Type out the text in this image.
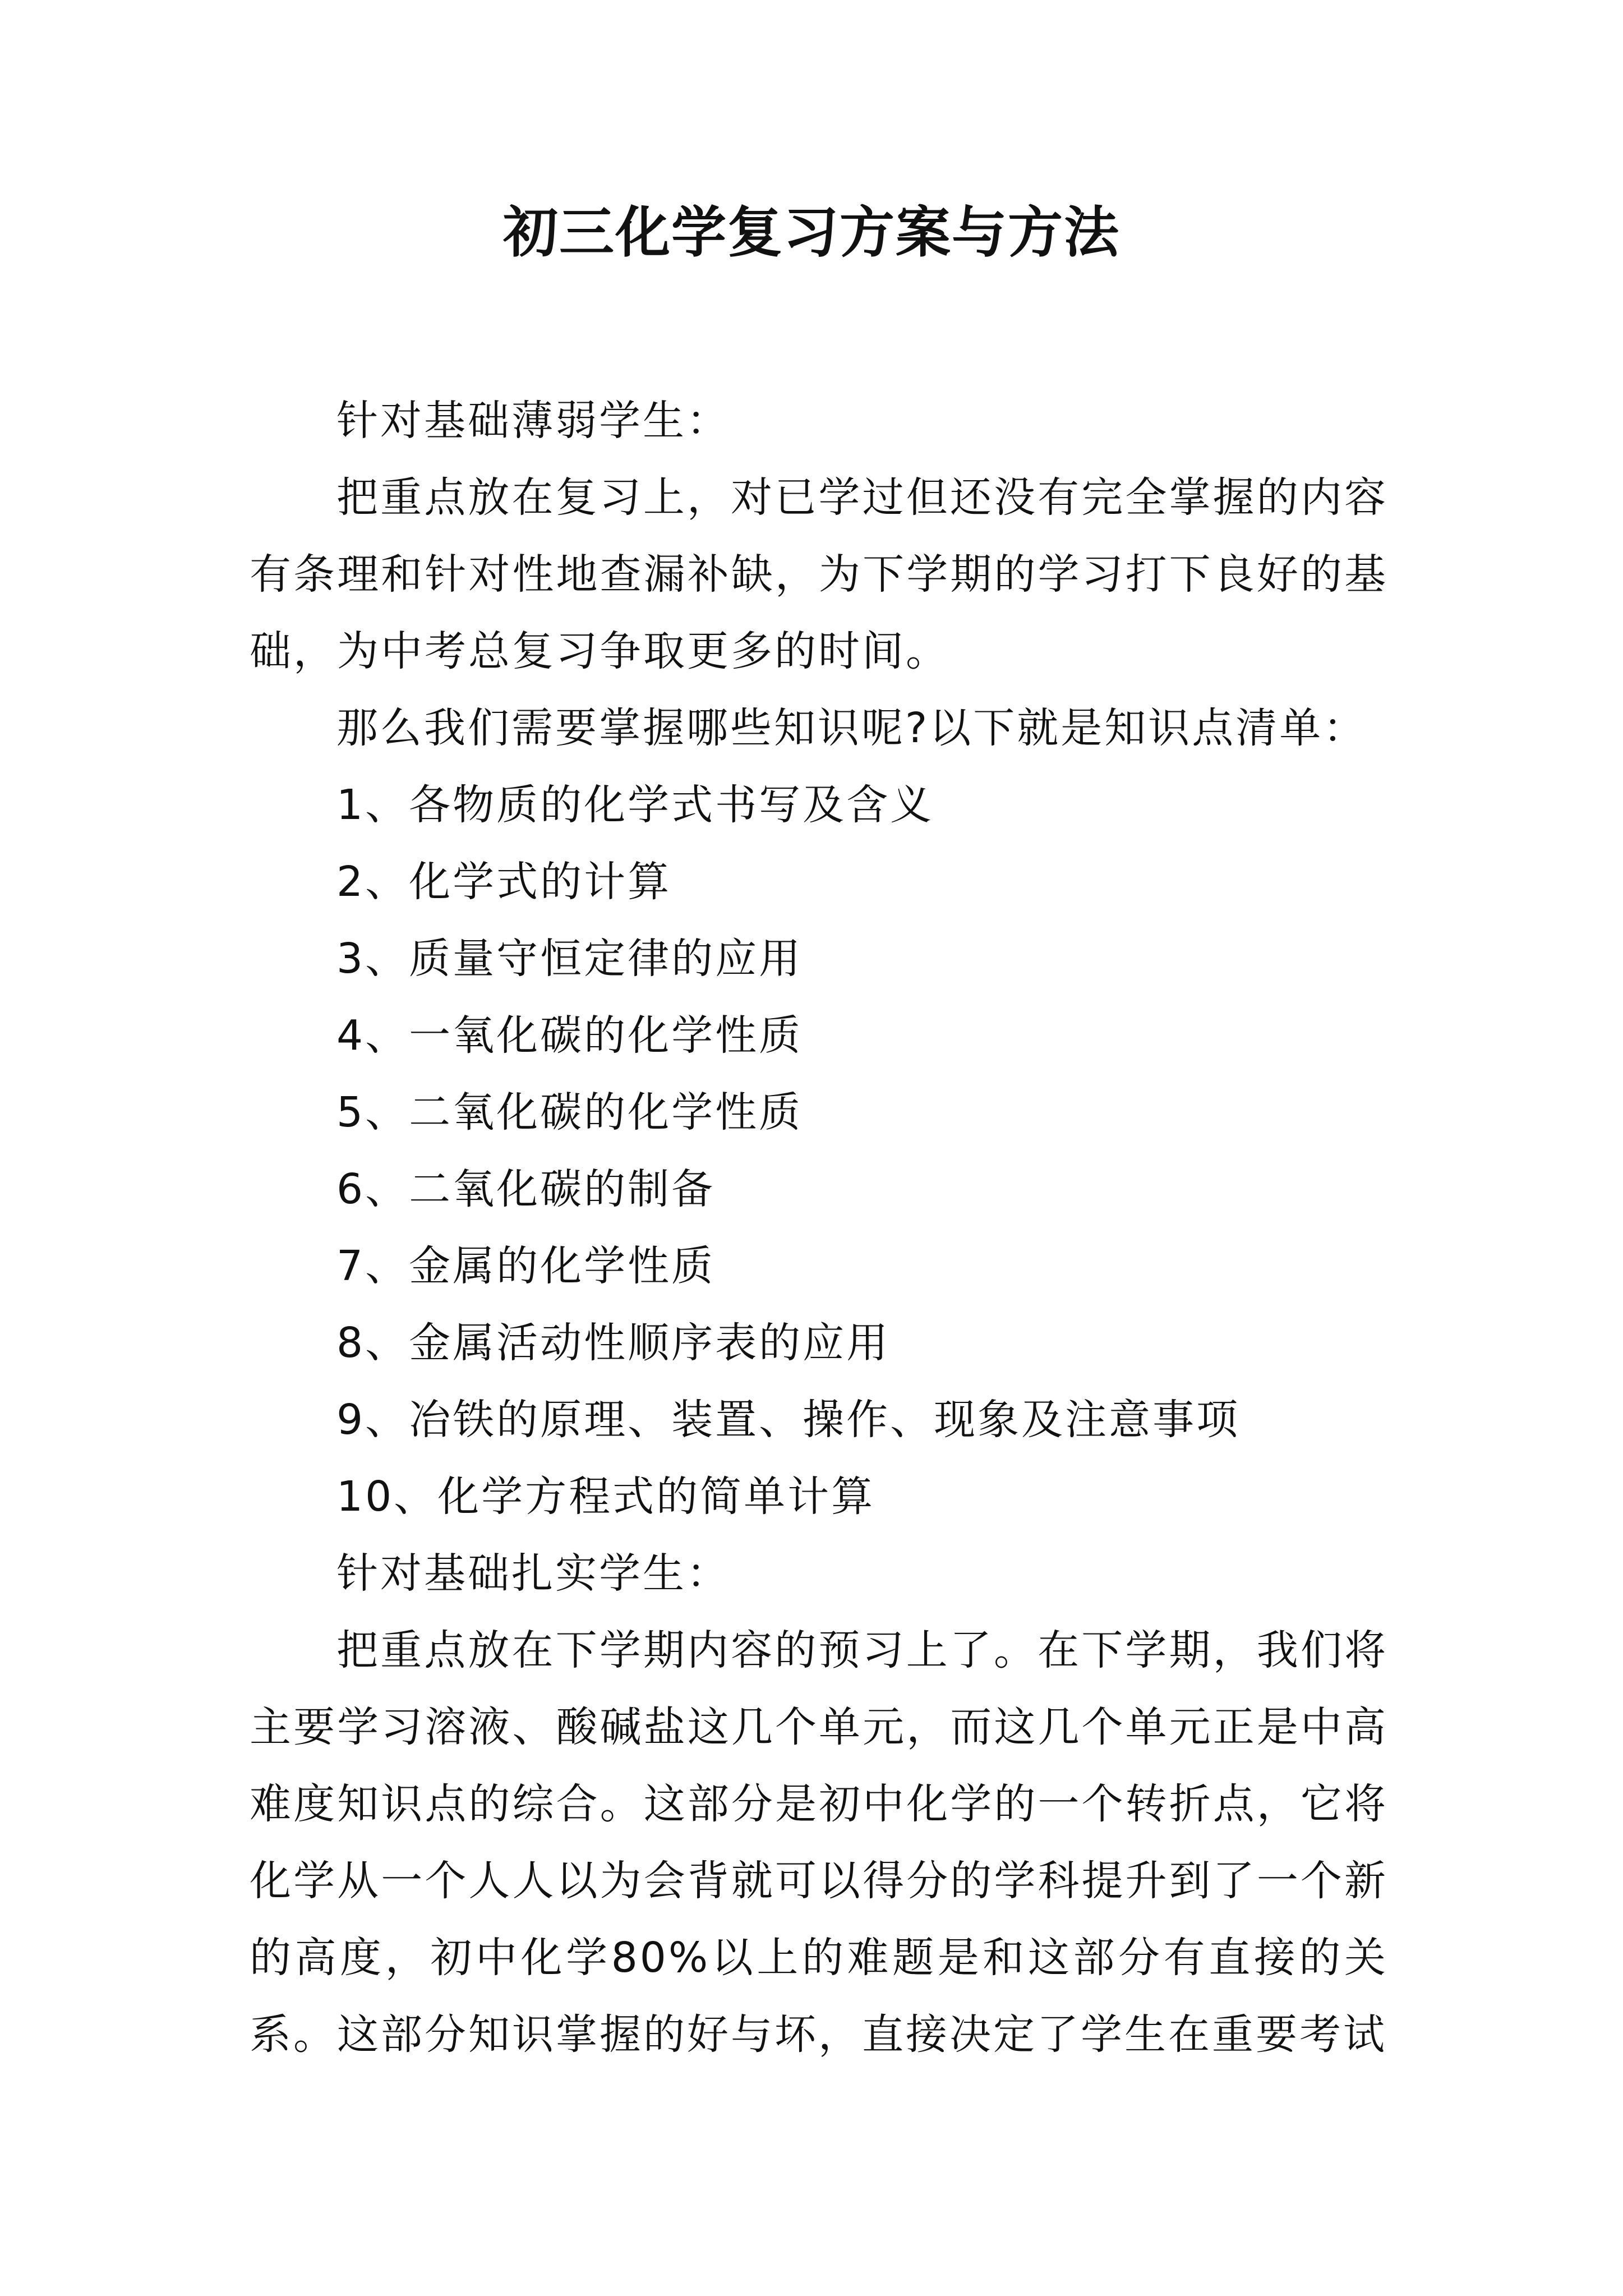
初三化学复习方案与方法

针对基础薄弱学生：

把重点放在复习上，对已学过但还没有完全掌握的内容有条理和针对性地查漏补缺，为下学期的学习打下良好的基础，为中考总复习争取更多的时间。

那么我们需要掌握哪些知识呢?以下就是知识点清单：

1、各物质的化学式书写及含义

2、化学式的计算

3、质量守恒定律的应用

4、一氧化碳的化学性质

5、二氧化碳的化学性质

6、二氧化碳的制备

7、金属的化学性质

8、金属活动性顺序表的应用

9、冶铁的原理、装置、操作、现象及注意事项

10、化学方程式的简单计算

针对基础扎实学生：

把重点放在下学期内容的预习上了。在下学期，我们将主要学习溶液、酸碱盐这几个单元，而这几个单元正是中高难度知识点的综合。这部分是初中化学的一个转折点，它将化学从一个人人以为会背就可以得分的学科提升到了一个新的高度，初中化学80%以上的难题是和这部分有直接的关系。这部分知识掌握的好与坏，直接决定了学生在重要考试
